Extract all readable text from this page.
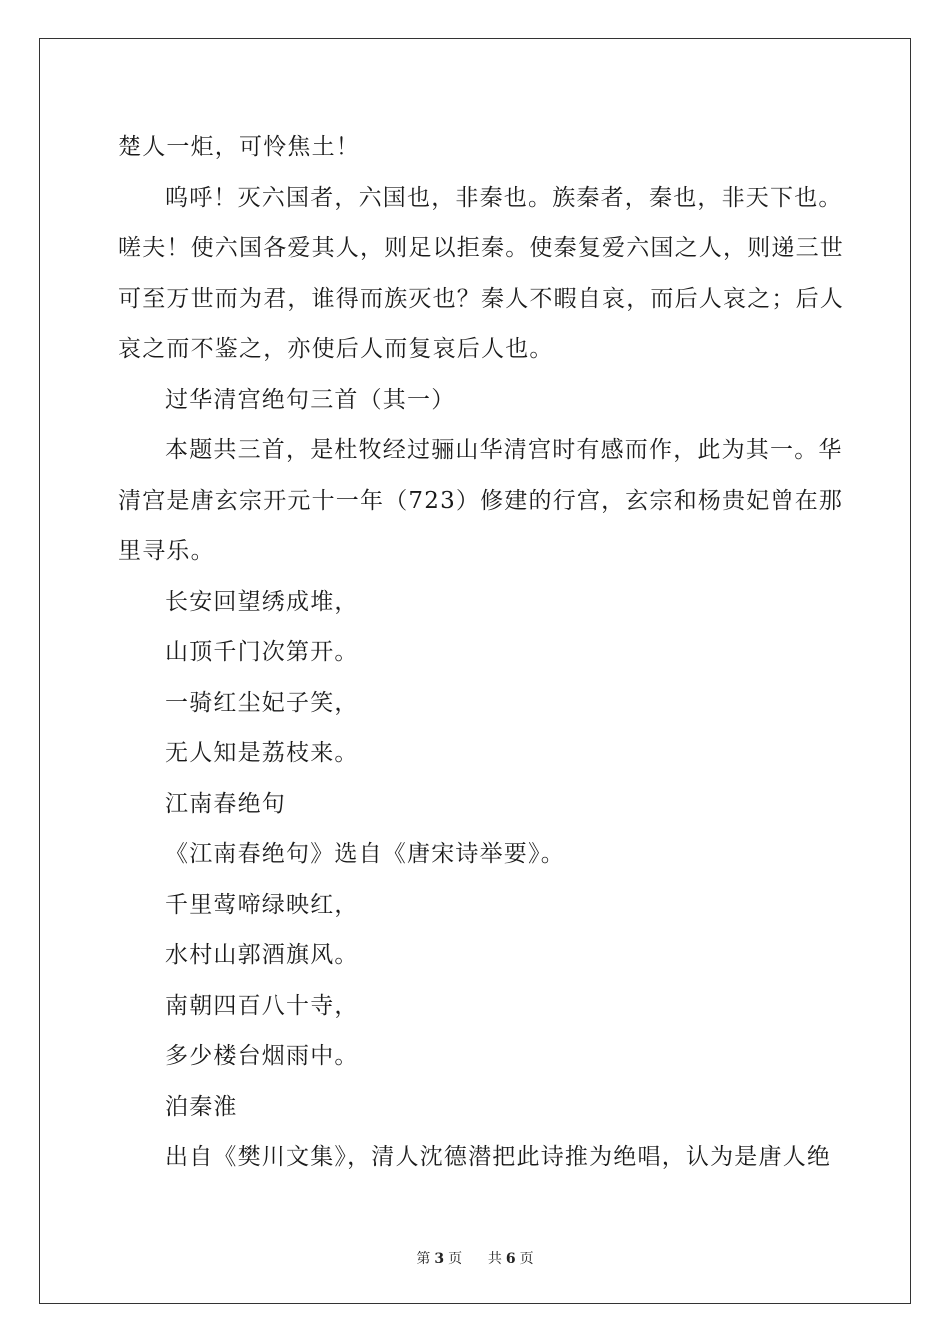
楚人一炬，可怜焦土！
呜呼！灭六国者，六国也，非秦也。族秦者，秦也，非天下也。
嗟夫！使六国各爱其人，则足以拒秦。使秦复爱六国之人，则递三世
可至万世而为君，谁得而族灭也？秦人不暇自哀，而后人哀之；后人
哀之而不鉴之，亦使后人而复哀后人也。
过华清宫绝句三首（其一）
本题共三首，是杜牧经过骊山华清宫时有感而作，此为其一。华
清宫是唐玄宗开元十一年（723）修建的行宫，玄宗和杨贵妃曾在那
里寻乐。
长安回望绣成堆，
山顶千门次第开。
一骑红尘妃子笑，
无人知是荔枝来。
江南春绝句
《江南春绝句》选自《唐宋诗举要》。
千里莺啼绿映红，
水村山郭酒旗风。
南朝四百八十寺，
多少楼台烟雨中。
泊秦淮
出自《樊川文集》，清人沈德潜把此诗推为绝唱，认为是唐人绝
第 3 页 共 6 页
